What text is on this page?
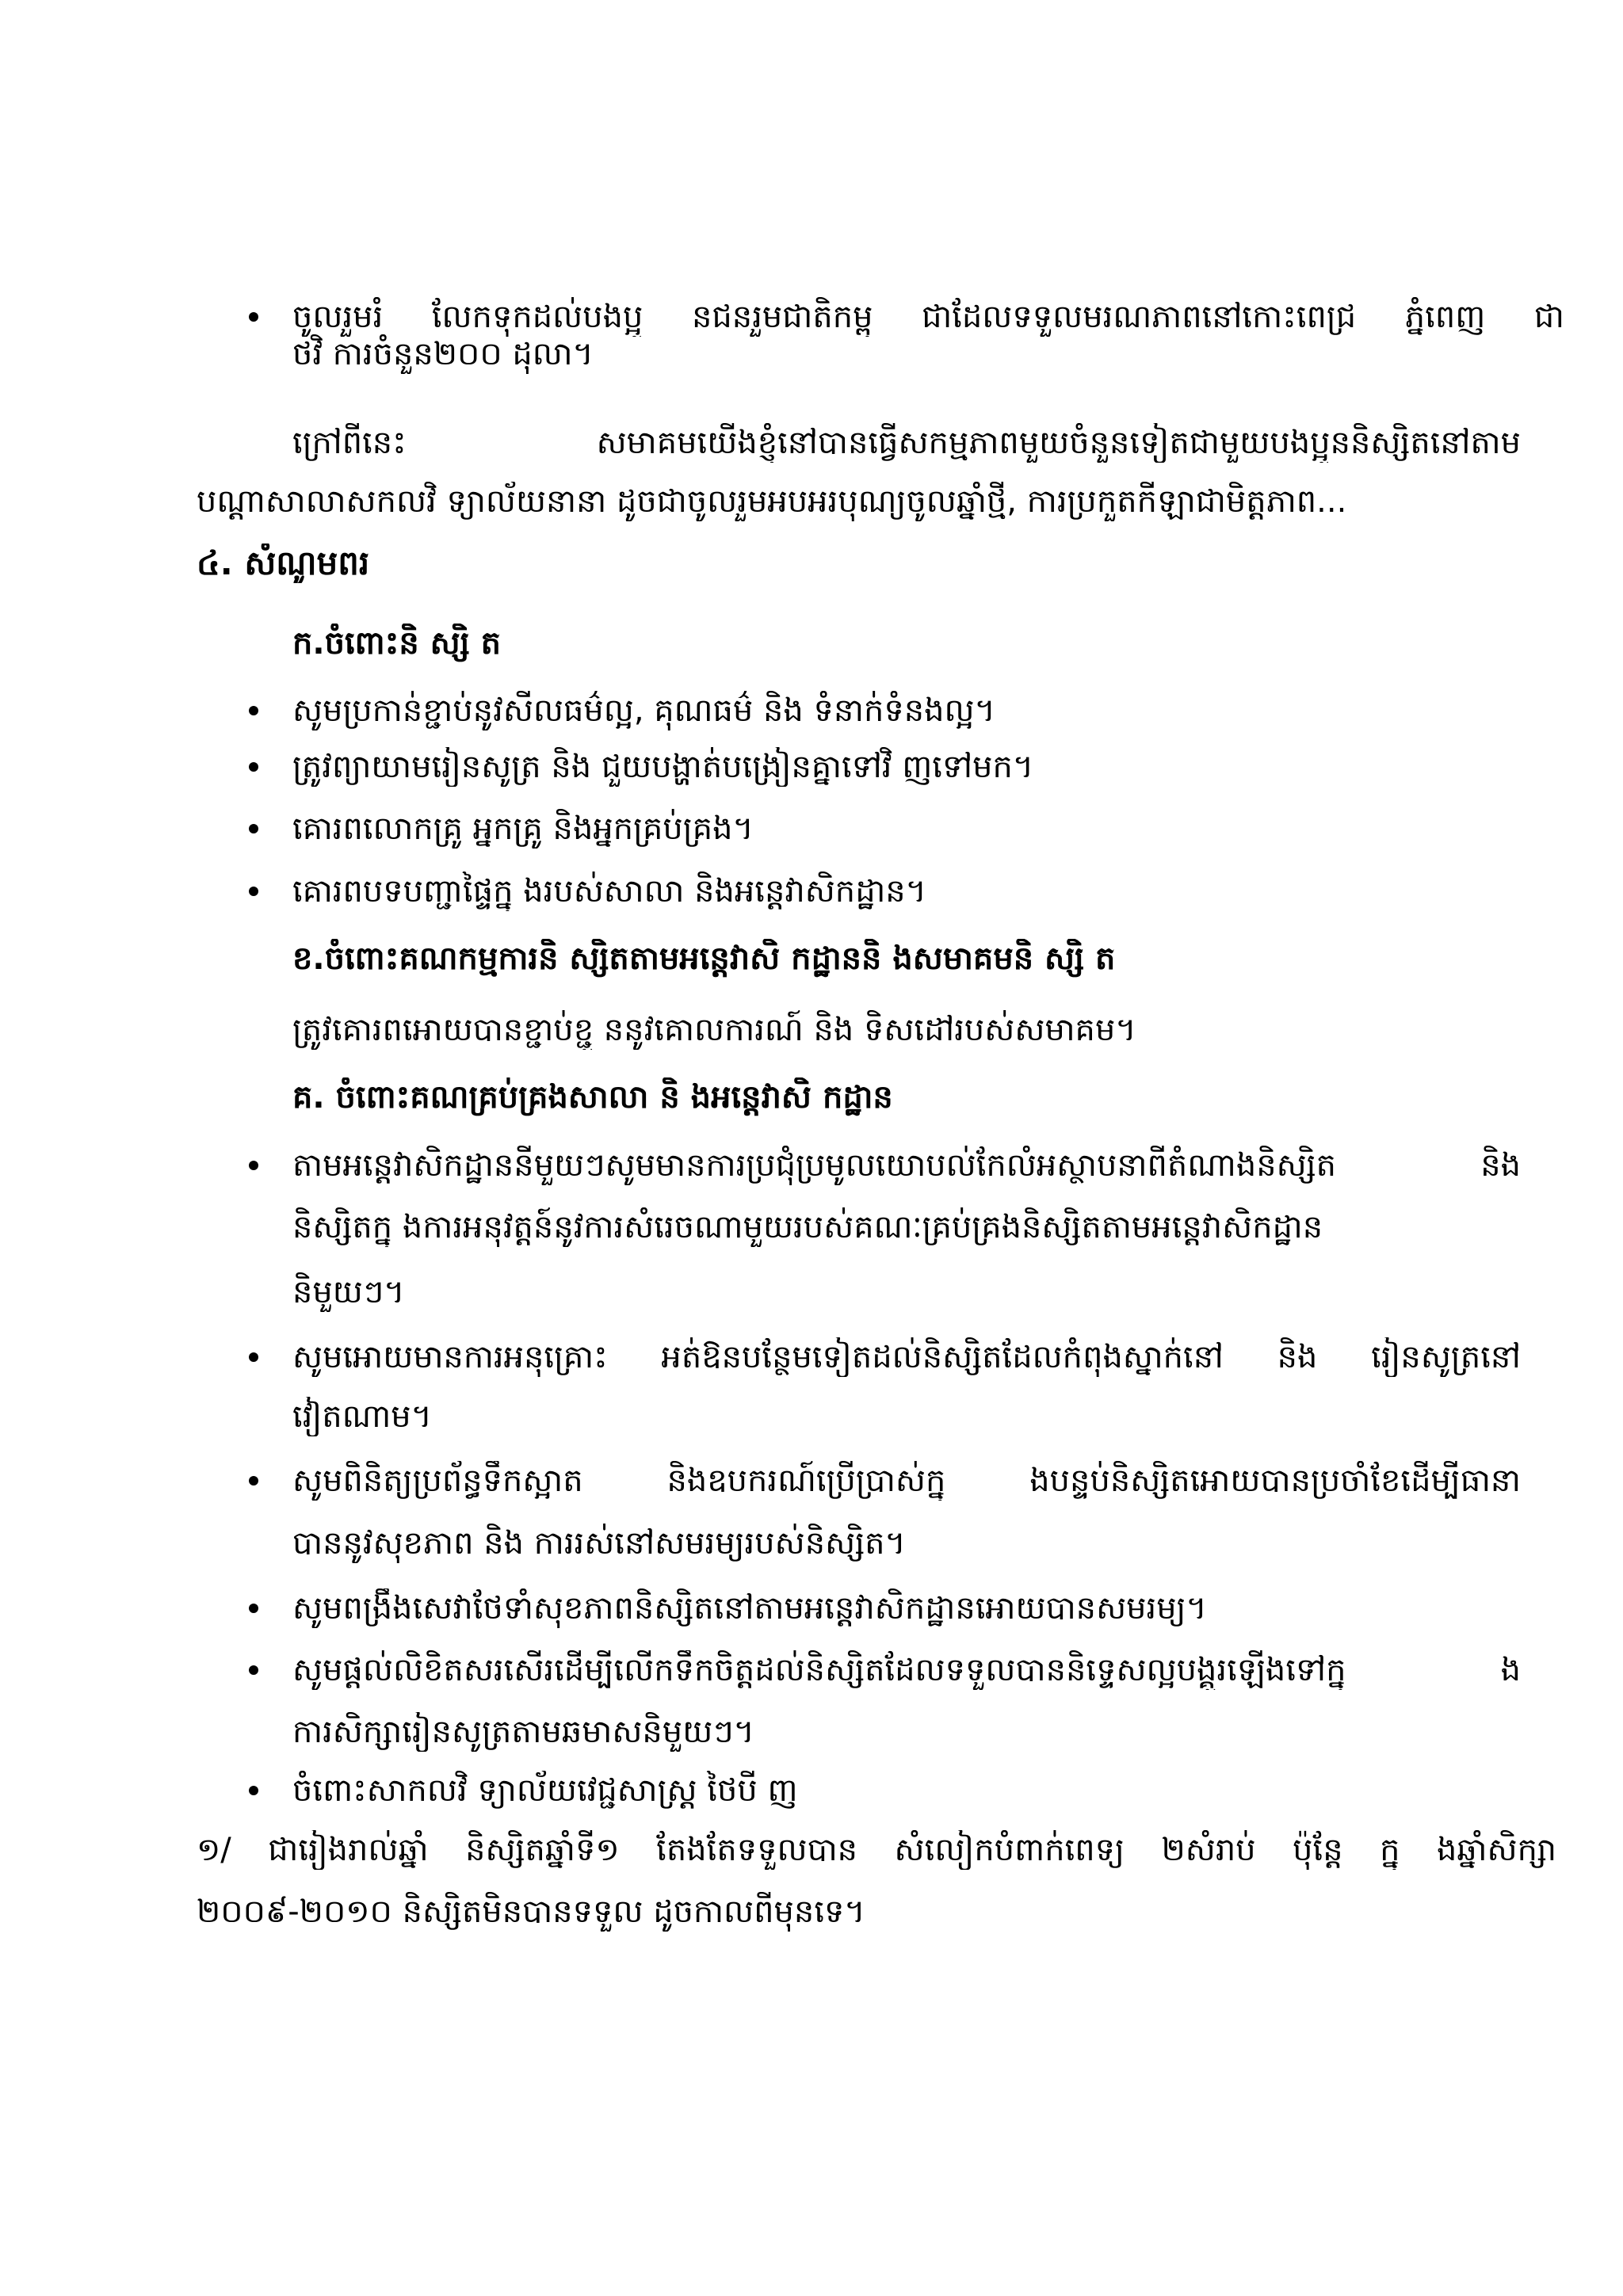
ចូលរួមរំ លែកទុកដល់បងប្អូ នជនរួមជាតិកម្ពុ ជាដែលទទួលមរណភាពនៅកោះពេជ្រ ភ្នំពេញ ជា
ថវិ ការចំនួន២០០ ដុលា។
ក្រៅពីនេះ សមាគមយើងខ្ញុំនៅបានធ្វើសកម្មភាពមួយចំនួនទៀតជាមួយបងប្អូននិស្សិតនៅតាម
បណ្ដាសាលាសកលវិ ទ្យាល័យនានា ដូចជាចូលរួមអបអរបុណ្យចូលឆ្នាំថ្មី, ការប្រកួតកីឡាជាមិត្តភាព...
៤. សំណូមពរ
ក.ចំពោះនិ ស្សិ ត
សូមប្រកាន់ខ្ជាប់នូវសីលធម៌ល្អ, គុណធម៌ និង ទំនាក់ទំនងល្អ។
ត្រូវព្យាយាមរៀនសូត្រ និង ជួយបង្ហាត់បង្រៀនគ្នាទៅវិ ញទៅមក។
គោរពលោកគ្រូ អ្នកគ្រូ និងអ្នកគ្រប់គ្រង។
គោរពបទបញ្ជាផ្ទៃក្នុ ងរបស់សាលា និងអន្តេវាសិកដ្ឋាន។
ខ.ចំពោះគណកម្មការនិ ស្សិតតាមអន្តេវាសិ កដ្ឋាននិ ងសមាគមនិ ស្សិ ត
ត្រូវគោរពអោយបានខ្ជាប់ខ្ជួ ននូវគោលការណ៍ និង ទិសដៅរបស់សមាគម។
គ. ចំពោះគណគ្រប់គ្រងសាលា និ ងអន្តេវាសិ កដ្ឋាន
តាមអន្តេវាសិកដ្ឋាននីមួយៗសូមមានការប្រជុំប្រមូលយោបល់កែលំអស្ថាបនាពីតំណាងនិស្សិត និង
និស្សិតក្នុ ងការអនុវត្តន៍នូវការសំរេចណាមួយរបស់គណៈគ្រប់គ្រងនិស្សិតតាមអន្តេវាសិកដ្ឋាន
និមួយៗ។
សូមអោយមានការអនុគ្រោះ អត់ឱនបន្ថែមទៀតដល់និស្សិតដែលកំពុងស្នាក់នៅ និង រៀនសូត្រនៅ
វៀតណាម។
សូមពិនិត្យប្រព័ន្ធទឹកស្អាត និងឧបករណ៍ប្រើប្រាស់ក្នុ ងបន្ទប់និស្សិតអោយបានប្រចាំខែដើម្បីធានា
បាននូវសុខភាព និង ការរស់នៅសមរម្យរបស់និស្សិត។
សូមពង្រឹងសេវាថែទាំសុខភាពនិស្សិតនៅតាមអន្តេវាសិកដ្ឋានអោយបានសមរម្យ។
សូមផ្ដល់លិខិតសរសើរដើម្បីលើកទឹកចិត្តដល់និស្សិតដែលទទួលបាននិទ្ទេសល្អបង្គួរឡើងទៅក្នុ ង
ការសិក្សារៀនសូត្រតាមឆមាសនិមួយៗ។
ចំពោះសាកលវិ ទ្យាល័យវេជ្ជសាស្ត្រ ថៃបី ញ
១/ ជារៀងរាល់ឆ្នាំ និស្សិតឆ្នាំទី១ តែងតែទទួលបាន សំលៀកបំពាក់ពេទ្យ ២សំរាប់ ប៉ុន្តែ ក្នុ ងឆ្នាំសិក្សា
២០០៩-២០១០ និស្សិតមិនបានទទួល ដូចកាលពីមុនទេ។
